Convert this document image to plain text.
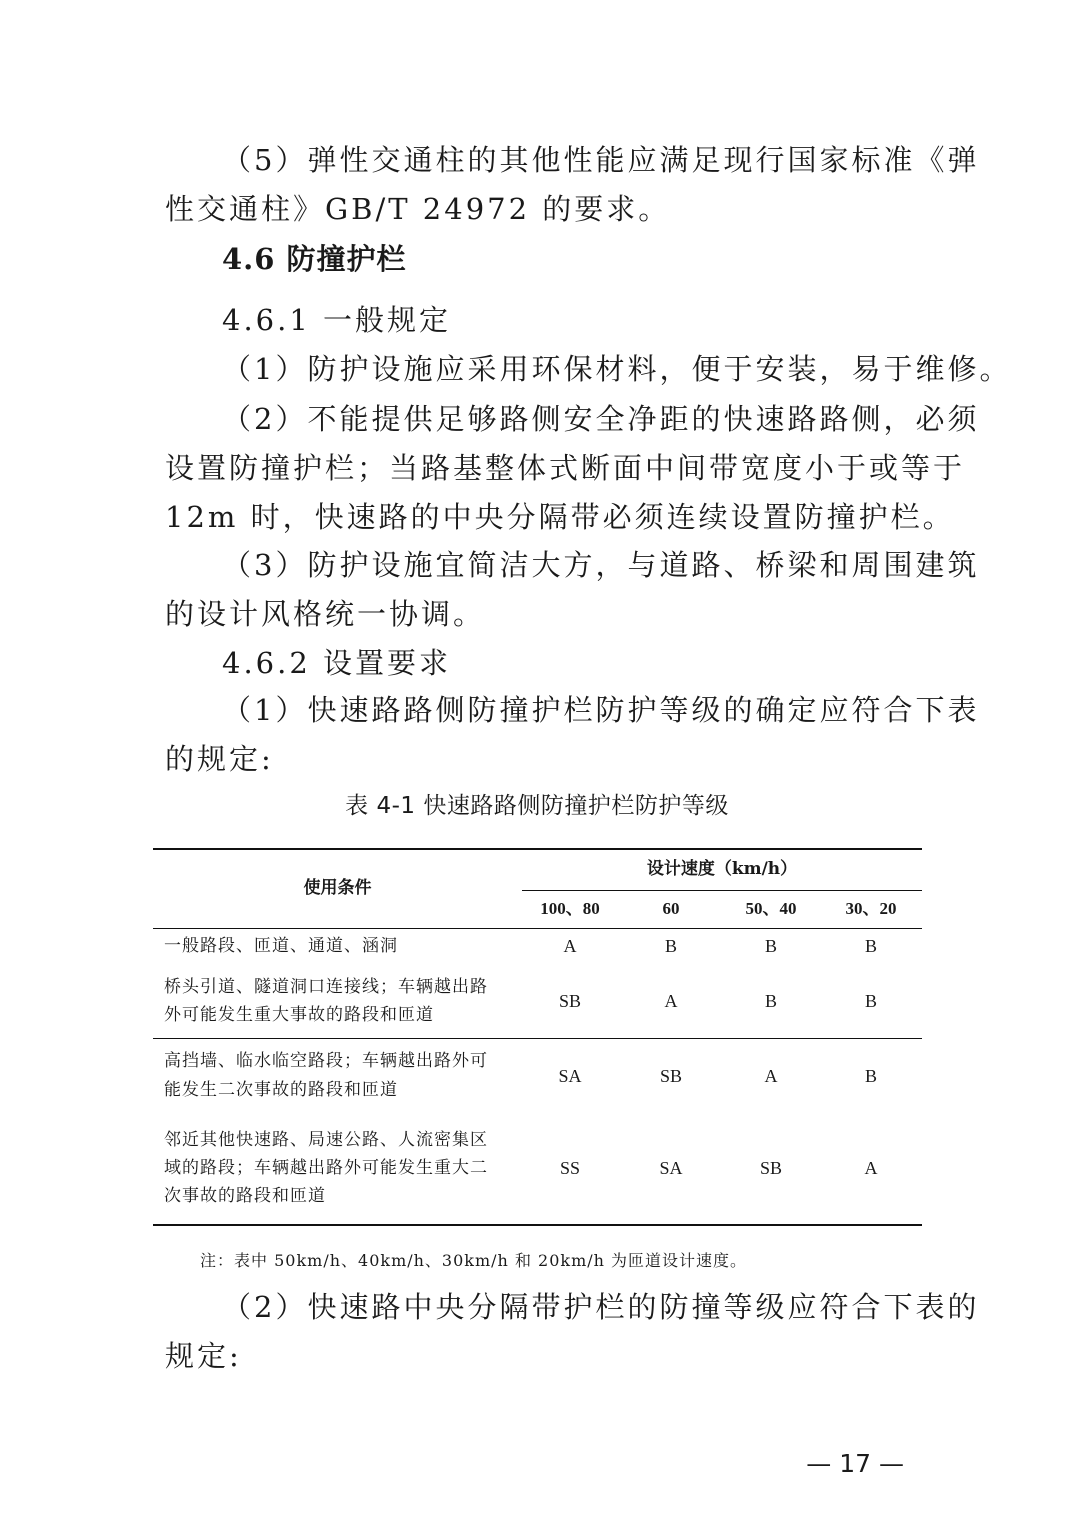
（5）弹性交通柱的其他性能应满足现行国家标准《弹
性交通柱》GB/T 24972 的要求。
4.6 防撞护栏
4.6.1 一般规定
（1）防护设施应采用环保材料，便于安装，易于维修。
（2）不能提供足够路侧安全净距的快速路路侧，必须
设置防撞护栏；当路基整体式断面中间带宽度小于或等于
12m 时，快速路的中央分隔带必须连续设置防撞护栏。
（3）防护设施宜简洁大方，与道路、桥梁和周围建筑
的设计风格统一协调。
4.6.2 设置要求
（1）快速路路侧防撞护栏防护等级的确定应符合下表
的规定:
表 4-1 快速路路侧防撞护栏防护等级
使用条件
设计速度（km/h）
100、80	60	50、40	30、20
一般路段、匝道、通道、涵洞	A	B	B	B
桥头引道、隧道洞口连接线；车辆越出路
外可能发生重大事故的路段和匝道
SB	A	B	B
高挡墙、临水临空路段；车辆越出路外可
能发生二次事故的路段和匝道
SA	SB	A	B
邻近其他快速路、局速公路、人流密集区
域的路段；车辆越出路外可能发生重大二
次事故的路段和匝道
SS	SA	SB	A
注：表中 50km/h、40km/h、30km/h 和 20km/h 为匝道设计速度。
（2）快速路中央分隔带护栏的防撞等级应符合下表的
规定:
— 17 —
